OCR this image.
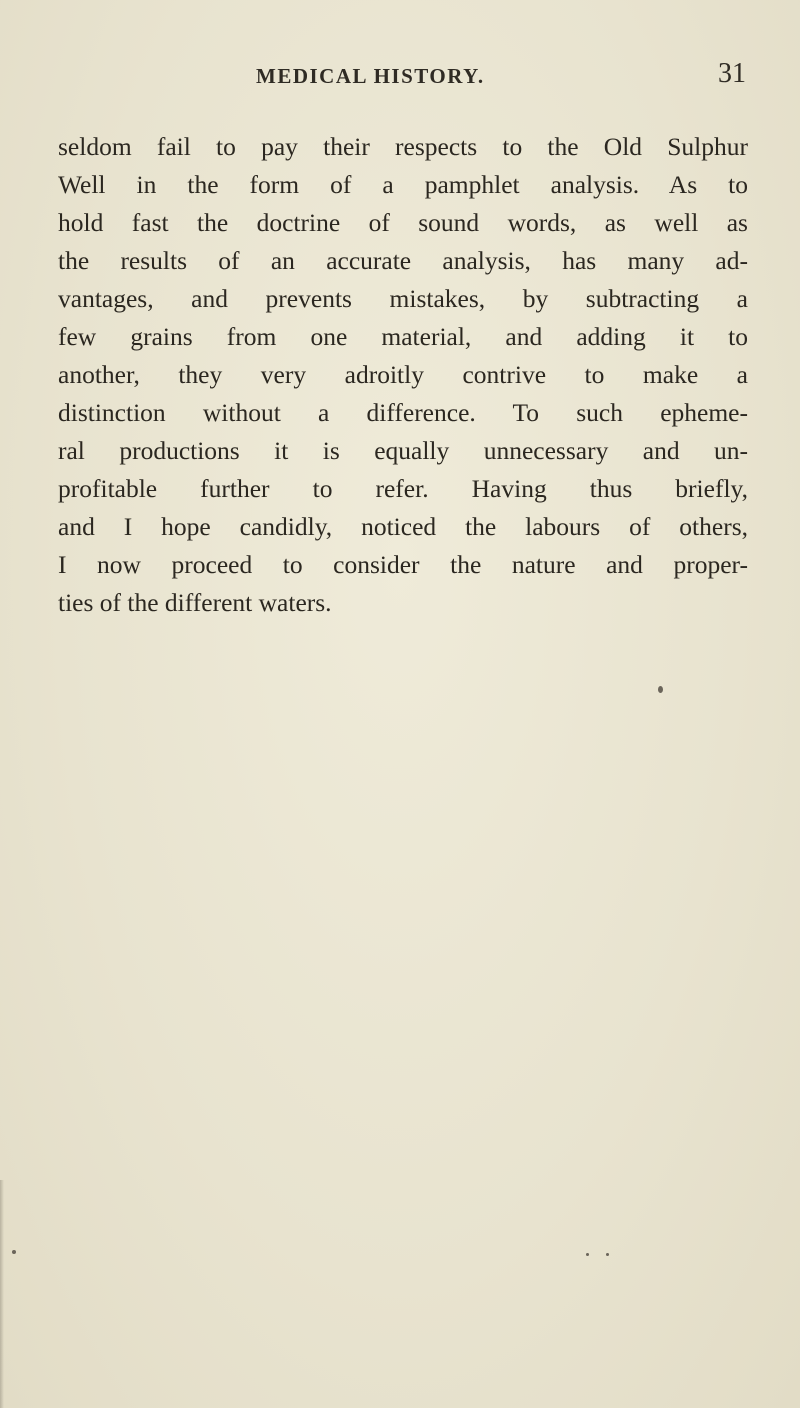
MEDICAL HISTORY.	31
seldom fail to pay their respects to the Old Sulphur
Well in the form of a pamphlet analysis. As to
hold fast the doctrine of sound words, as well as
the results of an accurate analysis, has many ad-
vantages, and prevents mistakes, by subtracting a
few grains from one material, and adding it to
another, they very adroitly contrive to make a
distinction without a difference. To such epheme-
ral productions it is equally unnecessary and un-
profitable further to refer. Having thus briefly,
and I hope candidly, noticed the labours of others,
I now proceed to consider the nature and proper-
ties of the different waters.
